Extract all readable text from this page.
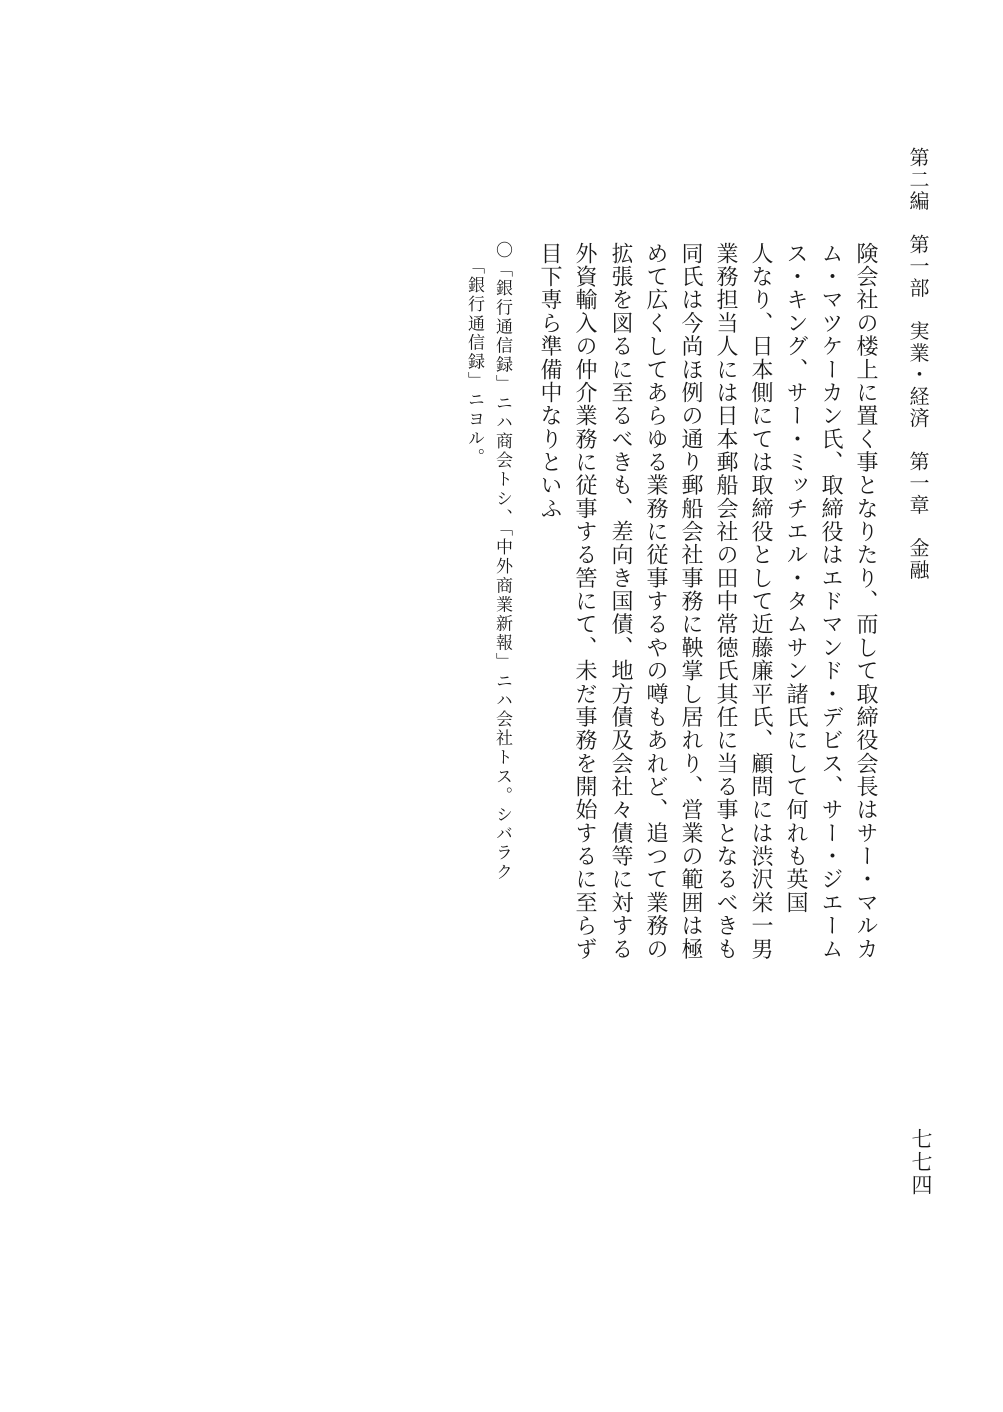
第二編　第一部　実業・経済　第一章　金融
険会社の楼上に置く事となりたり、而して取締役会長はサー・マルカ
ム・マツケーカン氏、取締役はエドマンド・デビス、サー・ジエーム
ス・キング、サー・ミッチエル・タムサン諸氏にして何れも英国
人なり、日本側にては取締役として近藤廉平氏、顧問には渋沢栄一男
業務担当人には日本郵船会社の田中常徳氏其任に当る事となるべきも
同氏は今尚ほ例の通り郵船会社事務に鞅掌し居れり、営業の範囲は極
めて広くしてあらゆる業務に従事するやの噂もあれど、追つて業務の
拡張を図るに至るべきも、差向き国債、地方債及会社々債等に対する
外資輸入の仲介業務に従事する筈にて、未だ事務を開始するに至らず
目下専ら準備中なりといふ
〇「銀行通信録」ニハ商会トシ、「中外商業新報」ニハ会社トス。シバラク
「銀行通信録」ニヨル。
七七四
